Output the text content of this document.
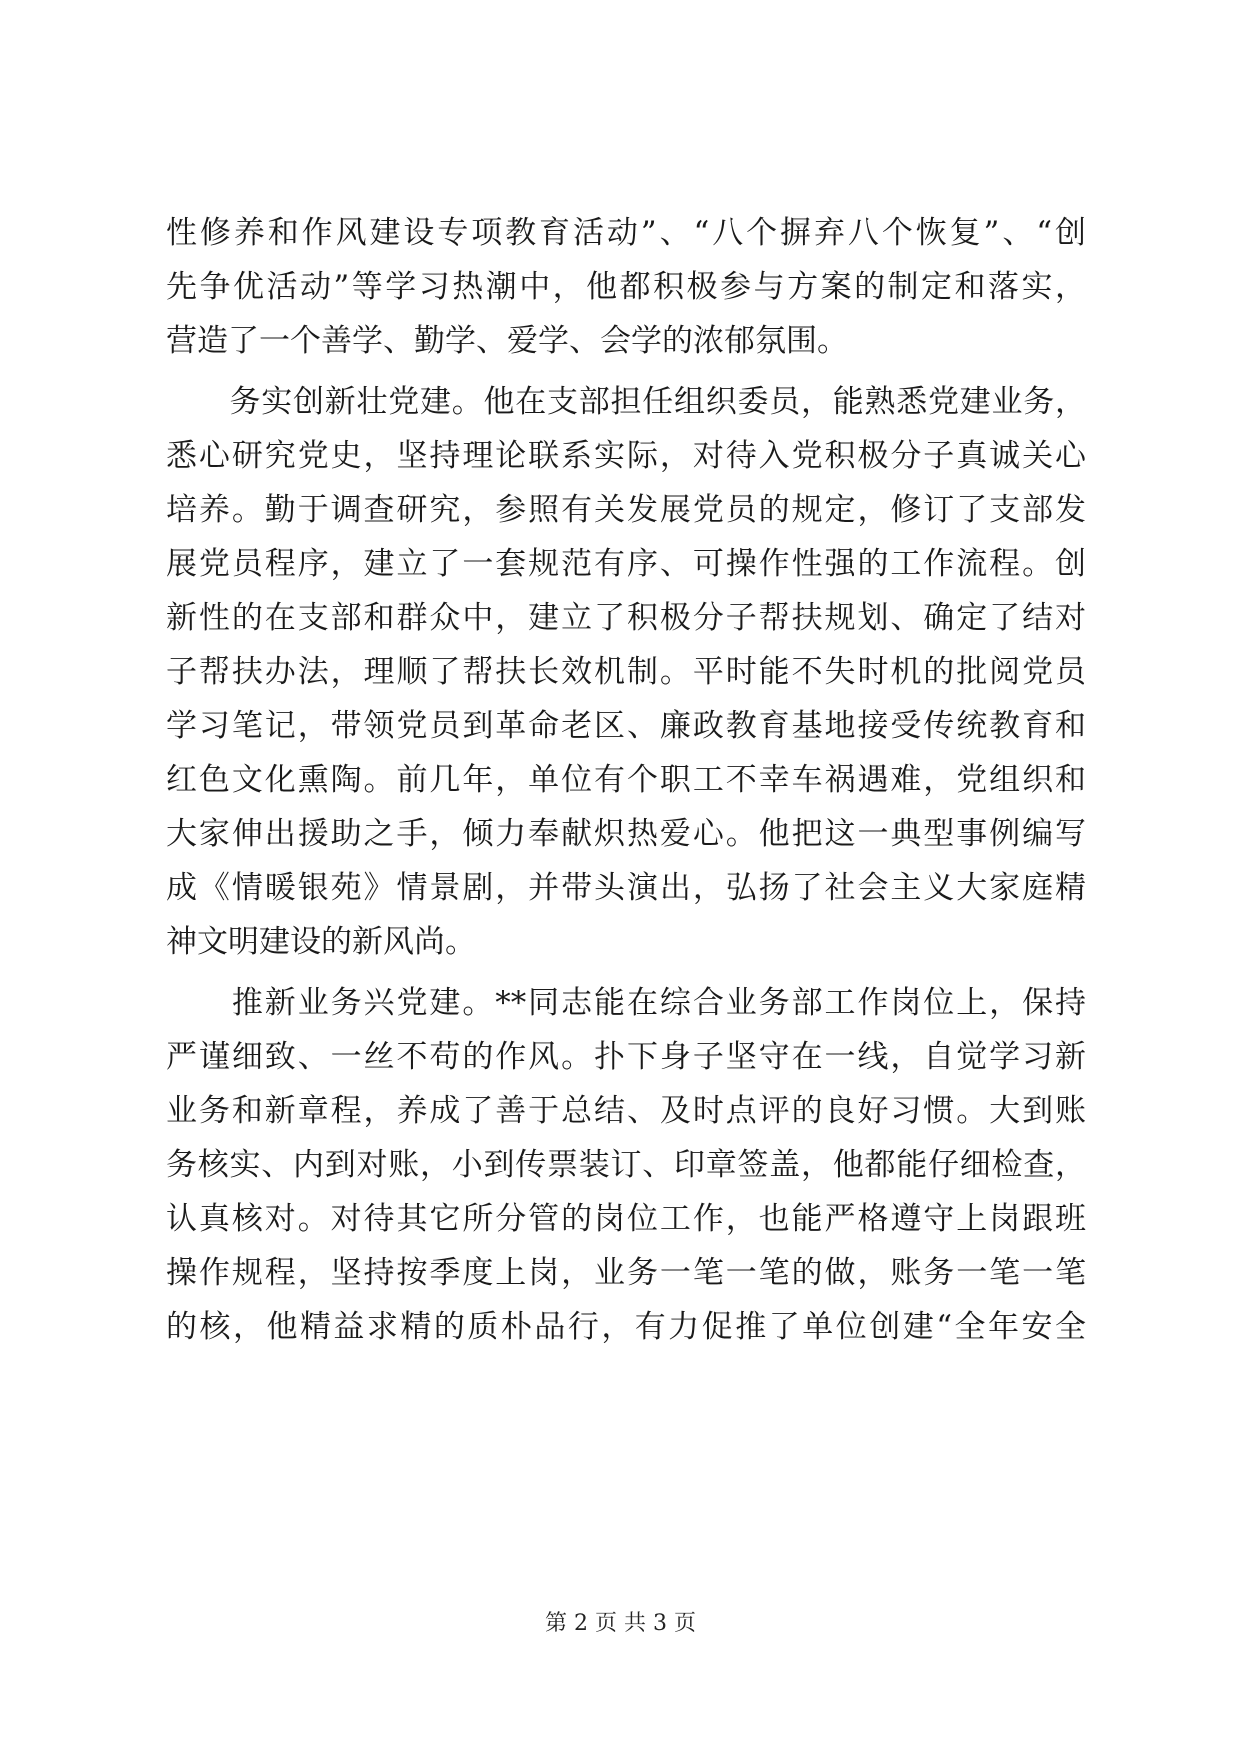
性修养和作风建设专项教育活动”、“八个摒弃八个恢复”、“创
先争优活动”等学习热潮中，他都积极参与方案的制定和落实，
营造了一个善学、勤学、爱学、会学的浓郁氛围。
　　务实创新壮党建。他在支部担任组织委员，能熟悉党建业务，
悉心研究党史，坚持理论联系实际，对待入党积极分子真诚关心
培养。勤于调查研究，参照有关发展党员的规定，修订了支部发
展党员程序，建立了一套规范有序、可操作性强的工作流程。创
新性的在支部和群众中，建立了积极分子帮扶规划、确定了结对
子帮扶办法，理顺了帮扶长效机制。平时能不失时机的批阅党员
学习笔记，带领党员到革命老区、廉政教育基地接受传统教育和
红色文化熏陶。前几年，单位有个职工不幸车祸遇难，党组织和
大家伸出援助之手，倾力奉献炽热爱心。他把这一典型事例编写
成《情暖银苑》情景剧，并带头演出，弘扬了社会主义大家庭精
神文明建设的新风尚。
　　推新业务兴党建。**同志能在综合业务部工作岗位上，保持
严谨细致、一丝不苟的作风。扑下身子坚守在一线，自觉学习新
业务和新章程，养成了善于总结、及时点评的良好习惯。大到账
务核实、内到对账，小到传票装订、印章签盖，他都能仔细检查，
认真核对。对待其它所分管的岗位工作，也能严格遵守上岗跟班
操作规程，坚持按季度上岗，业务一笔一笔的做，账务一笔一笔
的核，他精益求精的质朴品行，有力促推了单位创建“全年安全
第 2 页 共 3 页
